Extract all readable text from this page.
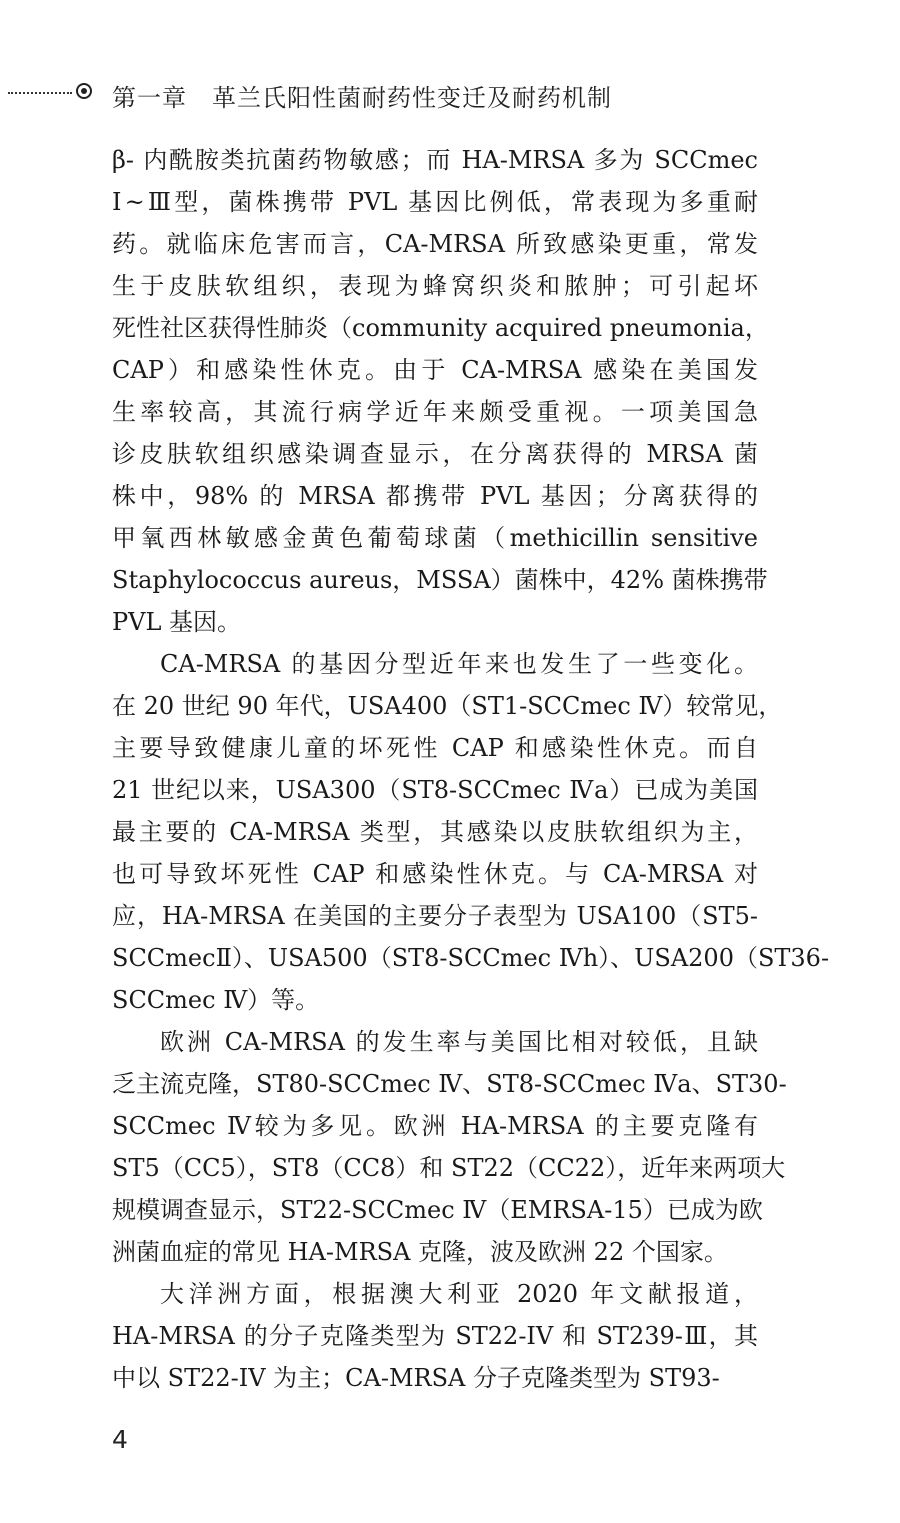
第一章　革兰氏阳性菌耐药性变迁及耐药机制
β- 内酰胺类抗菌药物敏感；而 HA-MRSA 多为 SCCmec
Ⅰ~Ⅲ型，菌株携带 PVL 基因比例低，常表现为多重耐
药。就临床危害而言，CA-MRSA 所致感染更重，常发
生于皮肤软组织，表现为蜂窝织炎和脓肿；可引起坏
死性社区获得性肺炎（community acquired pneumonia，
CAP）和感染性休克。由于 CA-MRSA 感染在美国发
生率较高，其流行病学近年来颇受重视。一项美国急
诊皮肤软组织感染调查显示，在分离获得的 MRSA 菌
株中，98% 的 MRSA 都携带 PVL 基因；分离获得的
甲氧西林敏感金黄色葡萄球菌（methicillin sensitive
Staphylococcus aureus，MSSA）菌株中，42% 菌株携带
PVL 基因。
CA-MRSA 的基因分型近年来也发生了一些变化。
在 20 世纪 90 年代，USA400（ST1-SCCmec Ⅳ）较常见，
主要导致健康儿童的坏死性 CAP 和感染性休克。而自
21 世纪以来，USA300（ST8-SCCmec Ⅳa）已成为美国
最主要的 CA-MRSA 类型，其感染以皮肤软组织为主，
也可导致坏死性 CAP 和感染性休克。与 CA-MRSA 对
应，HA-MRSA 在美国的主要分子表型为 USA100（ST5-
SCCmecⅡ）、USA500（ST8-SCCmec Ⅳh）、USA200（ST36-
SCCmec Ⅳ）等。
欧洲 CA-MRSA 的发生率与美国比相对较低，且缺
乏主流克隆，ST80-SCCmec Ⅳ、ST8-SCCmec Ⅳa、ST30-
SCCmec Ⅳ较为多见。欧洲 HA-MRSA 的主要克隆有
ST5（CC5），ST8（CC8）和 ST22（CC22），近年来两项大
规模调查显示，ST22-SCCmec Ⅳ（EMRSA-15）已成为欧
洲菌血症的常见 HA-MRSA 克隆，波及欧洲 22 个国家。
大洋洲方面，根据澳大利亚 2020 年文献报道，
HA-MRSA 的分子克隆类型为 ST22-IV 和 ST239-Ⅲ，其
中以 ST22-IV 为主；CA-MRSA 分子克隆类型为 ST93-
4
